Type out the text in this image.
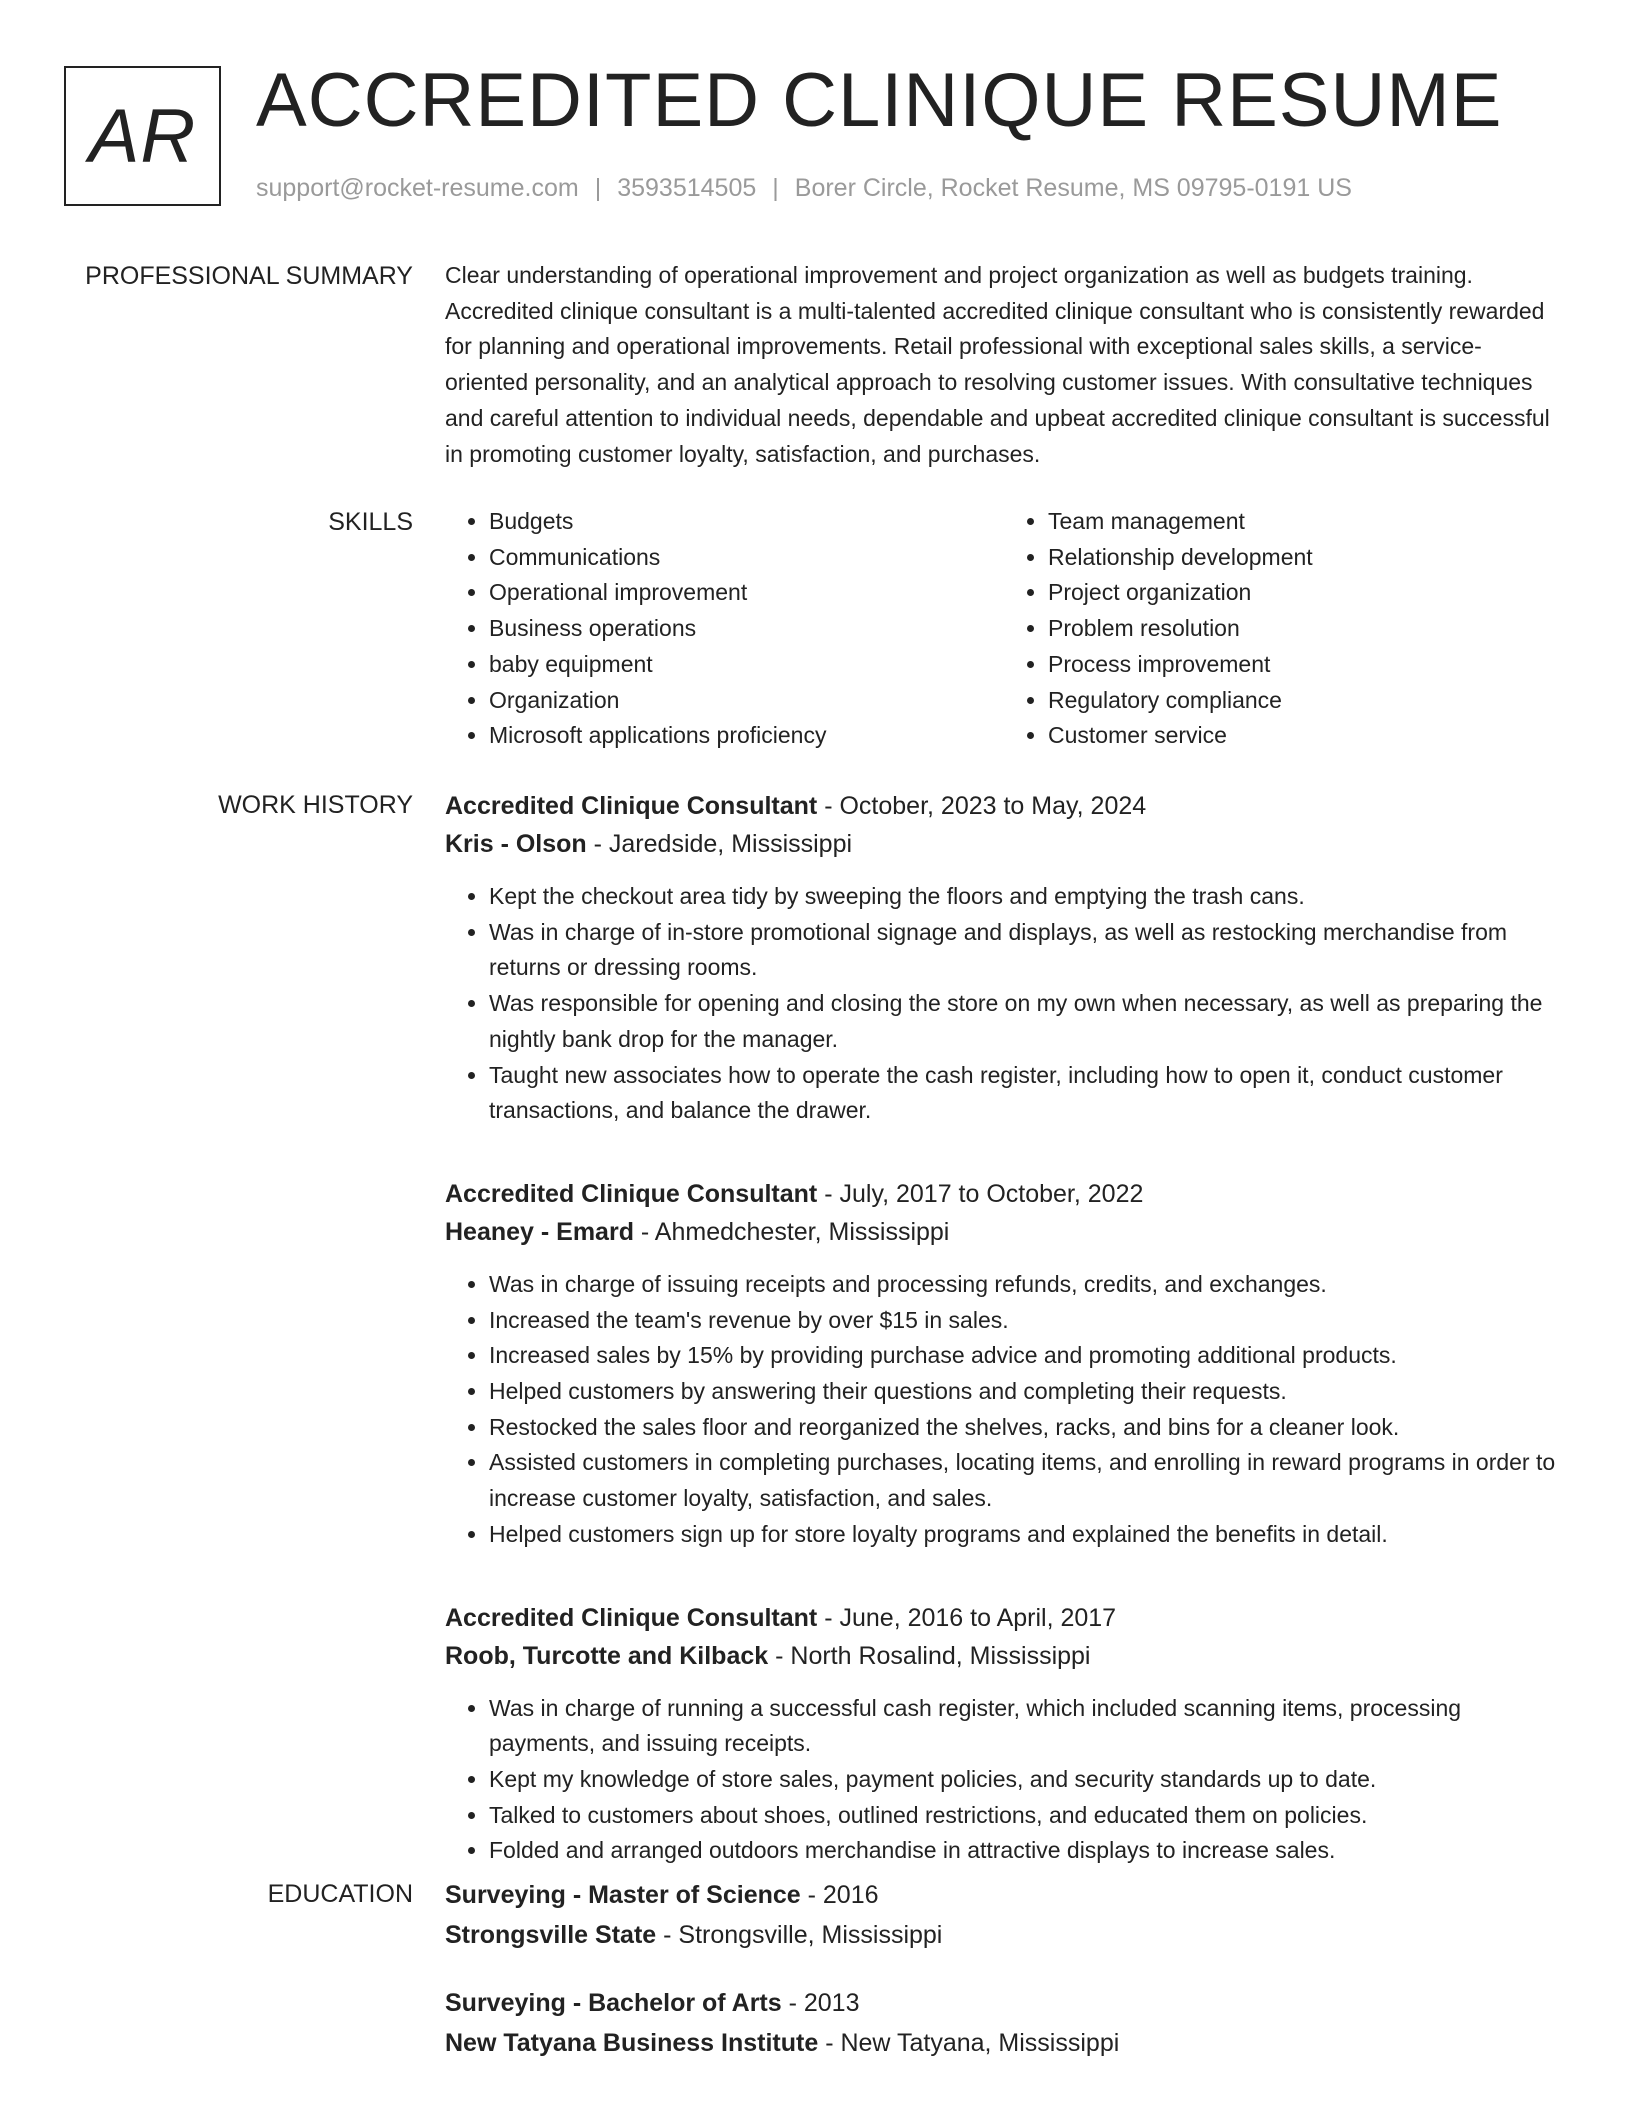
AR ACCREDITED CLINIQUE RESUME
support@rocket-resume.com | 3593514505 | Borer Circle, Rocket Resume, MS 09795-0191 US
PROFESSIONAL SUMMARY Clear understanding of operational improvement and project organization as well as budgets training. Accredited clinique consultant is a multi-talented accredited clinique consultant who is consistently rewarded for planning and operational improvements. Retail professional with exceptional sales skills, a service-oriented personality, and an analytical approach to resolving customer issues. With consultative techniques and careful attention to individual needs, dependable and upbeat accredited clinique consultant is successful in promoting customer loyalty, satisfaction, and purchases.

SKILLS
•	Budgets
• Communications
• Operational improvement
• Business operations
• baby equipment
• Organization
• Microsoft applications proficiency
• Team management
• Relationship development
• Project organization
• Problem resolution
• Process improvement
• Regulatory compliance
• Customer service
WORK HISTORY Accredited Clinique Consultant - October, 2023 to May, 2024
Kris - Olson - Jaredside, Mississippi
• Kept the checkout area tidy by sweeping the floors and emptying the trash cans.
• Was in charge of in-store promotional signage and displays, as well as restocking merchandise from returns or dressing rooms.
• Was responsible for opening and closing the store on my own when necessary, as well as preparing the nightly bank drop for the manager.
• Taught new associates how to operate the cash register, including how to open it, conduct customer transactions, and balance the drawer.
Accredited Clinique Consultant - July, 2017 to October, 2022
Heaney - Emard - Ahmedchester, Mississippi
• Was in charge of issuing receipts and processing refunds, credits, and exchanges.
• Increased the team's revenue by over $15 in sales.
• Increased sales by 15% by providing purchase advice and promoting additional products.
• Helped customers by answering their questions and completing their requests.
• Restocked the sales floor and reorganized the shelves, racks, and bins for a cleaner look.
• Assisted customers in completing purchases, locating items, and enrolling in reward programs in order to increase customer loyalty, satisfaction, and sales.
• Helped customers sign up for store loyalty programs and explained the benefits in detail.
Accredited Clinique Consultant - June, 2016 to April, 2017
Roob, Turcotte and Kilback - North Rosalind, Mississippi
• Was in charge of running a successful cash register, which included scanning items, processing payments, and issuing receipts.
• Kept my knowledge of store sales, payment policies, and security standards up to date.
• Talked to customers about shoes, outlined restrictions, and educated them on policies.
• Folded and arranged outdoors merchandise in attractive displays to increase sales.
EDUCATION Surveying - Master of Science - 2016
Strongsville State - Strongsville, Mississippi
Surveying - Bachelor of Arts - 2013
New Tatyana Business Institute - New Tatyana, Mississippi
